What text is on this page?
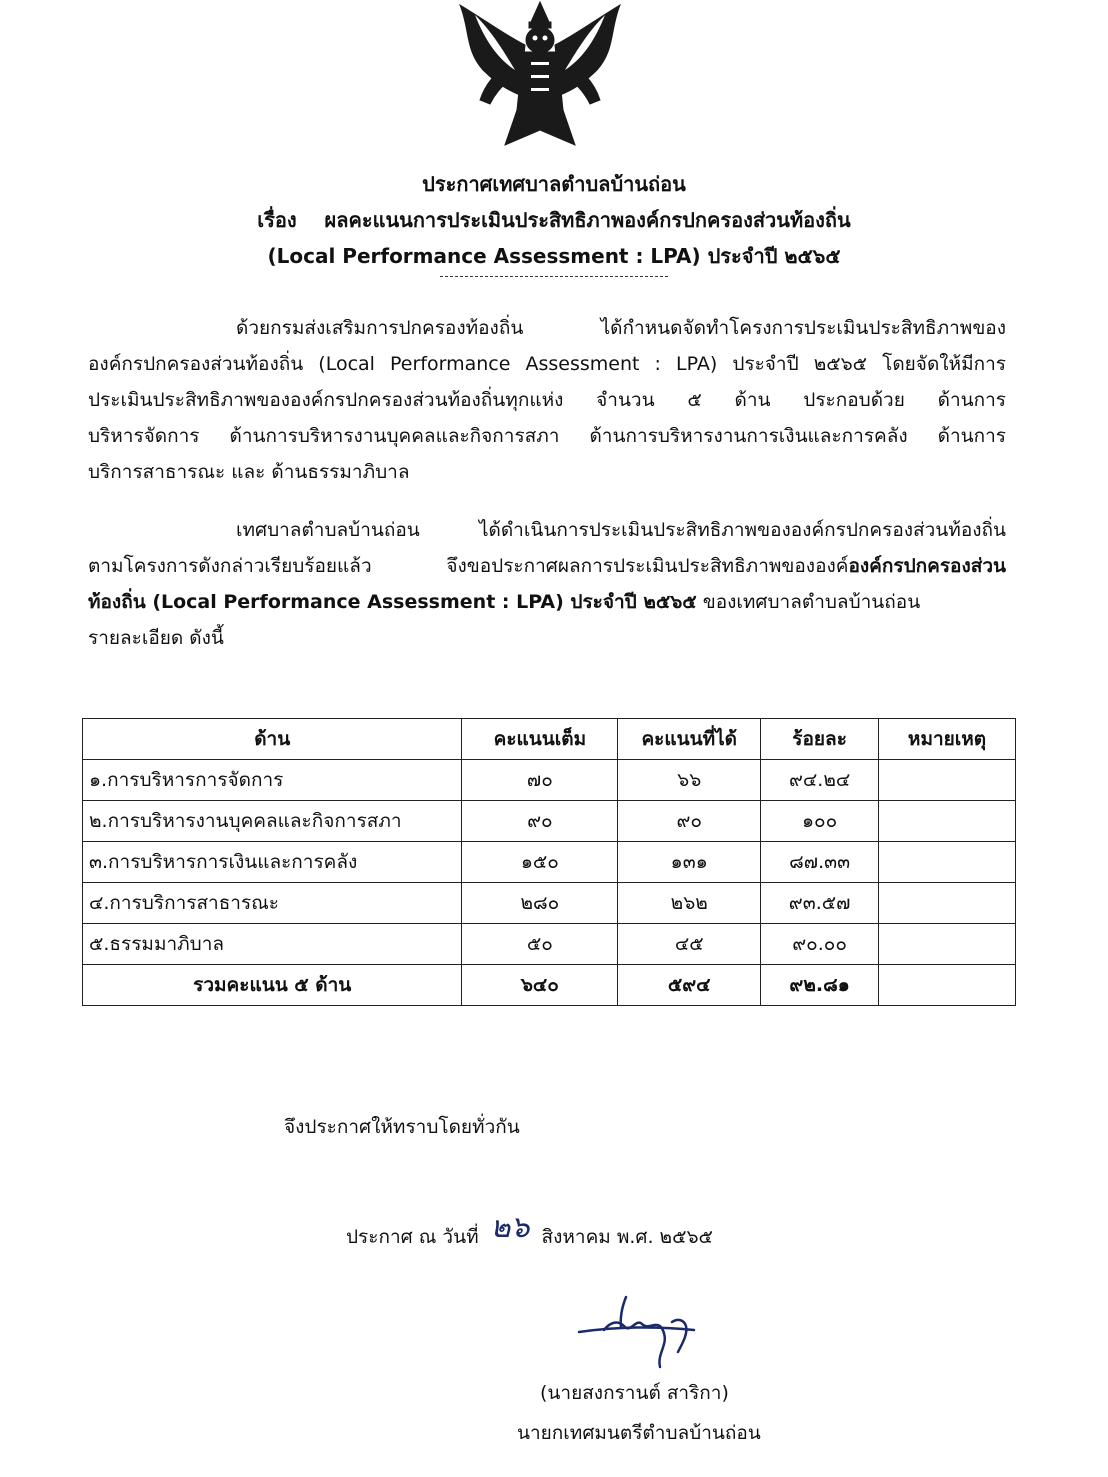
ประกาศเทศบาลตำบลบ้านถ่อน
เรื่อง ผลคะแนนการประเมินประสิทธิภาพองค์กรปกครองส่วนท้องถิ่น
(Local Performance Assessment : LPA) ประจำปี ๒๕๖๕
ด้วยกรมส่งเสริมการปกครองท้องถิ่น ได้กำหนดจัดทำโครงการประเมินประสิทธิภาพของ
องค์กรปกครองส่วนท้องถิ่น (Local Performance Assessment : LPA) ประจำปี ๒๕๖๕ โดยจัดให้มีการ
ประเมินประสิทธิภาพขององค์กรปกครองส่วนท้องถิ่นทุกแห่ง จำนวน ๕ ด้าน ประกอบด้วย ด้านการ
บริหารจัดการ ด้านการบริหารงานบุคคลและกิจการสภา ด้านการบริหารงานการเงินและการคลัง ด้านการ
บริการสาธารณะ และ ด้านธรรมาภิบาล
เทศบาลตำบลบ้านถ่อน ได้ดำเนินการประเมินประสิทธิภาพขององค์กรปกครองส่วนท้องถิ่น
ตามโครงการดังกล่าวเรียบร้อยแล้ว จึงขอประกาศผลการประเมินประสิทธิภาพขององค์องค์กรปกครองส่วน
ท้องถิ่น (Local Performance Assessment : LPA) ประจำปี ๒๕๖๕ ของเทศบาลตำบลบ้านถ่อน
รายละเอียด ดังนี้
ด้าน	คะแนนเต็ม	คะแนนที่ได้	ร้อยละ	หมายเหตุ
๑.การบริหารการจัดการ	๗๐	๖๖	๙๔.๒๔	
๒.การบริหารงานบุคคลและกิจการสภา	๙๐	๙๐	๑๐๐	
๓.การบริหารการเงินและการคลัง	๑๕๐	๑๓๑	๘๗.๓๓	
๔.การบริการสาธารณะ	๒๘๐	๒๖๒	๙๓.๕๗	
๕.ธรรมมาภิบาล	๕๐	๔๕	๙๐.๐๐	
รวมคะแนน ๕ ด้าน	๖๔๐	๕๙๔	๙๒.๘๑	
จึงประกาศให้ทราบโดยทั่วกัน
ประกาศ ณ วันที่ ๒๖ สิงหาคม พ.ศ. ๒๕๖๕
(นายสงกรานต์ สาริกา)
นายกเทศมนตรีตำบลบ้านถ่อน
